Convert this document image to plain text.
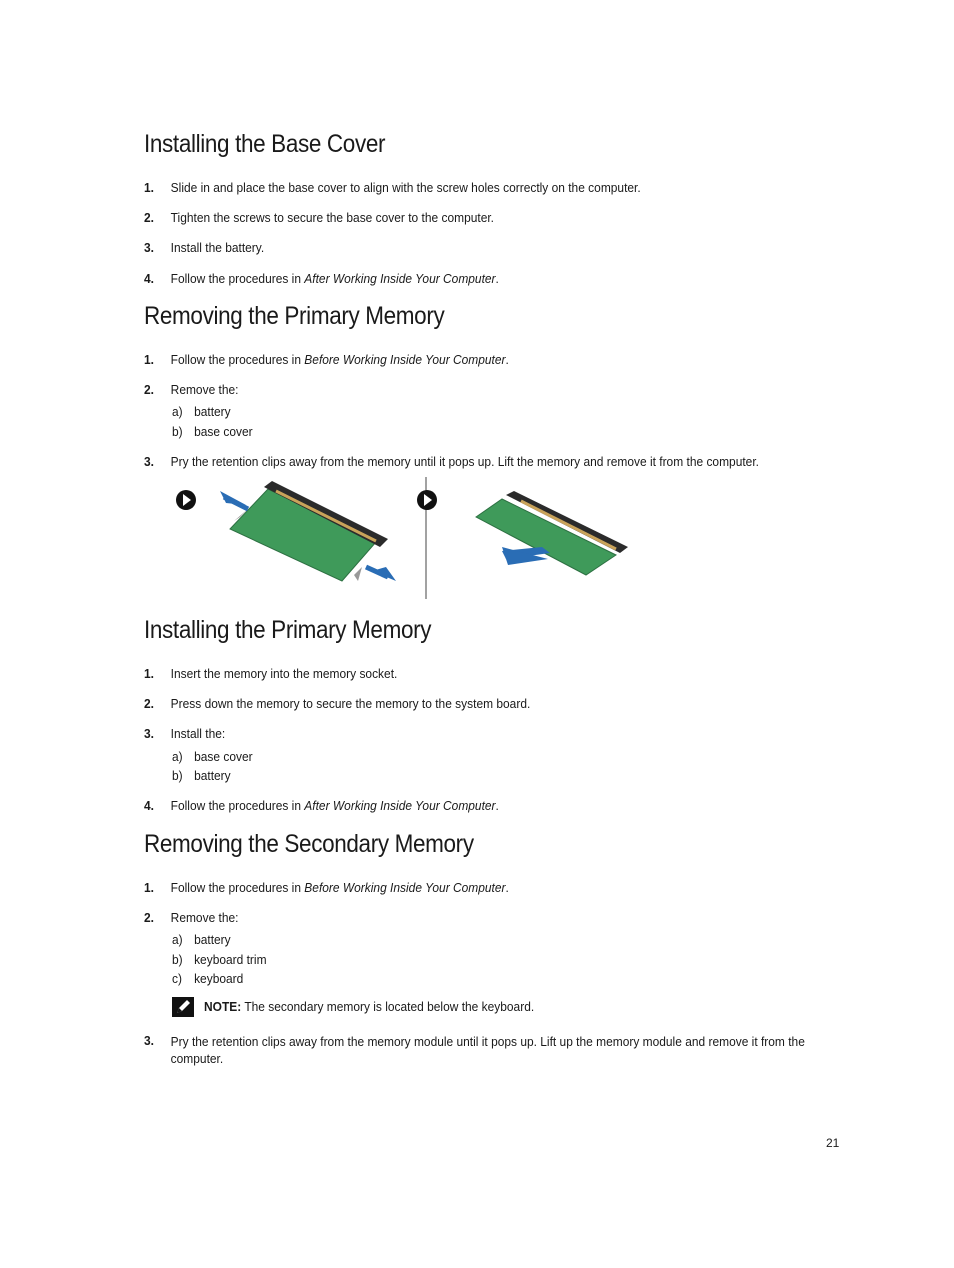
Installing the Base Cover
1. Slide in and place the base cover to align with the screw holes correctly on the computer.
2. Tighten the screws to secure the base cover to the computer.
3. Install the battery.
4. Follow the procedures in After Working Inside Your Computer.
Removing the Primary Memory
1. Follow the procedures in Before Working Inside Your Computer.
2. Remove the:
a) battery
b) base cover
3. Pry the retention clips away from the memory until it pops up. Lift the memory and remove it from the computer.
Installing the Primary Memory
1. Insert the memory into the memory socket.
2. Press down the memory to secure the memory to the system board.
3. Install the:
a) base cover
b) battery
4. Follow the procedures in After Working Inside Your Computer.
Removing the Secondary Memory
1. Follow the procedures in Before Working Inside Your Computer.
2. Remove the:
a) battery
b) keyboard trim
c) keyboard
NOTE: The secondary memory is located below the keyboard.
3. Pry the retention clips away from the memory module until it pops up. Lift up the memory module and remove it from the computer.
21
